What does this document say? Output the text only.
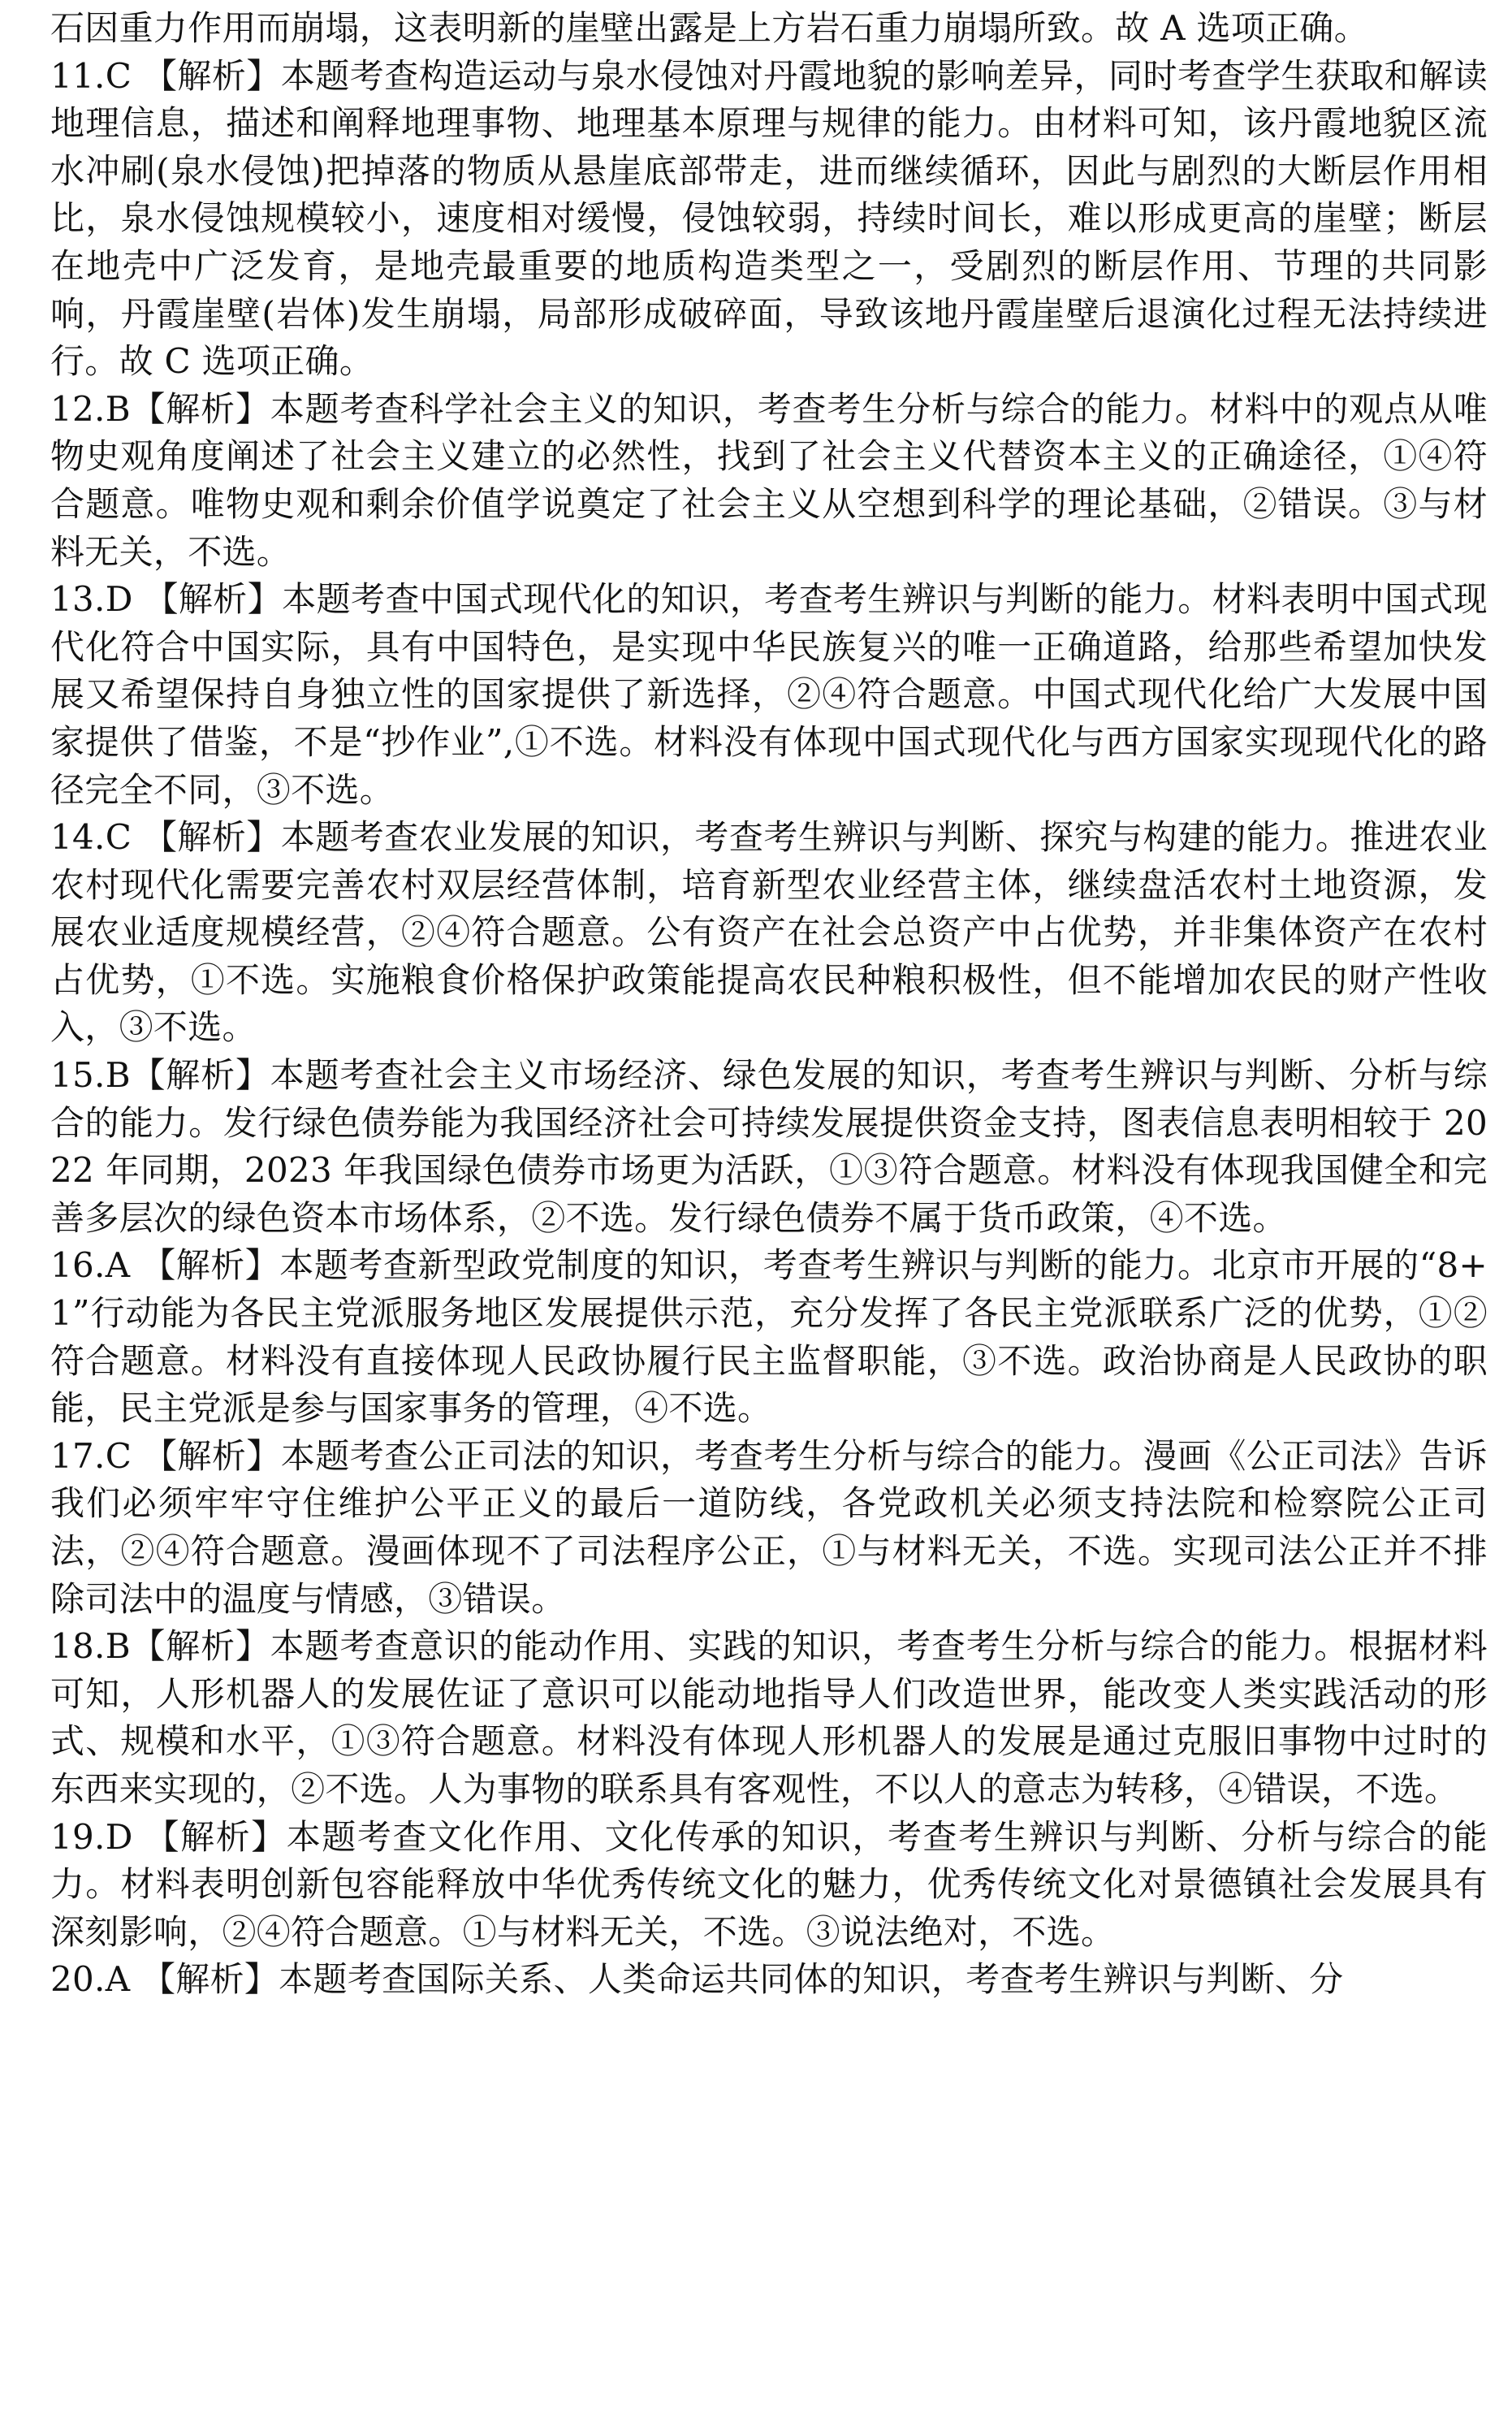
石因重力作用而崩塌，这表明新的崖壁出露是上方岩石重力崩塌所致。故 A 选项正确。

11.C 【解析】本题考查构造运动与泉水侵蚀对丹霞地貌的影响差异，同时考查学生获取和解读地理信息，描述和阐释地理事物、地理基本原理与规律的能力。由材料可知，该丹霞地貌区流水冲刷(泉水侵蚀)把掉落的物质从悬崖底部带走，进而继续循环，因此与剧烈的大断层作用相比，泉水侵蚀规模较小，速度相对缓慢，侵蚀较弱，持续时间长，难以形成更高的崖壁；断层在地壳中广泛发育，是地壳最重要的地质构造类型之一，受剧烈的断层作用、节理的共同影响，丹霞崖壁(岩体)发生崩塌，局部形成破碎面，导致该地丹霞崖壁后退演化过程无法持续进行。故 C 选项正确。

12.B【解析】本题考查科学社会主义的知识，考查考生分析与综合的能力。材料中的观点从唯物史观角度阐述了社会主义建立的必然性，找到了社会主义代替资本主义的正确途径，①④符合题意。唯物史观和剩余价值学说奠定了社会主义从空想到科学的理论基础，②错误。③与材料无关，不选。

13.D 【解析】本题考查中国式现代化的知识，考查考生辨识与判断的能力。材料表明中国式现代化符合中国实际，具有中国特色，是实现中华民族复兴的唯一正确道路，给那些希望加快发展又希望保持自身独立性的国家提供了新选择，②④符合题意。中国式现代化给广大发展中国家提供了借鉴，不是“抄作业”,①不选。材料没有体现中国式现代化与西方国家实现现代化的路径完全不同，③不选。

14.C 【解析】本题考查农业发展的知识，考查考生辨识与判断、探究与构建的能力。推进农业农村现代化需要完善农村双层经营体制，培育新型农业经营主体，继续盘活农村土地资源，发展农业适度规模经营，②④符合题意。公有资产在社会总资产中占优势，并非集体资产在农村占优势，①不选。实施粮食价格保护政策能提高农民种粮积极性，但不能增加农民的财产性收入，③不选。

15.B【解析】本题考查社会主义市场经济、绿色发展的知识，考查考生辨识与判断、分析与综合的能力。发行绿色债券能为我国经济社会可持续发展提供资金支持，图表信息表明相较于 2022 年同期，2023 年我国绿色债券市场更为活跃，①③符合题意。材料没有体现我国健全和完善多层次的绿色资本市场体系，②不选。发行绿色债券不属于货币政策，④不选。

16.A 【解析】本题考查新型政党制度的知识，考查考生辨识与判断的能力。北京市开展的“8+1”行动能为各民主党派服务地区发展提供示范，充分发挥了各民主党派联系广泛的优势，①②符合题意。材料没有直接体现人民政协履行民主监督职能，③不选。政治协商是人民政协的职能，民主党派是参与国家事务的管理，④不选。

17.C 【解析】本题考查公正司法的知识，考查考生分析与综合的能力。漫画《公正司法》告诉我们必须牢牢守住维护公平正义的最后一道防线，各党政机关必须支持法院和检察院公正司法，②④符合题意。漫画体现不了司法程序公正，①与材料无关，不选。实现司法公正并不排除司法中的温度与情感，③错误。

18.B【解析】本题考查意识的能动作用、实践的知识，考查考生分析与综合的能力。根据材料可知，人形机器人的发展佐证了意识可以能动地指导人们改造世界，能改变人类实践活动的形式、规模和水平，①③符合题意。材料没有体现人形机器人的发展是通过克服旧事物中过时的东西来实现的，②不选。人为事物的联系具有客观性，不以人的意志为转移，④错误，不选。

19.D 【解析】本题考查文化作用、文化传承的知识，考查考生辨识与判断、分析与综合的能力。材料表明创新包容能释放中华优秀传统文化的魅力，优秀传统文化对景德镇社会发展具有深刻影响，②④符合题意。①与材料无关，不选。③说法绝对，不选。

20.A 【解析】本题考查国际关系、人类命运共同体的知识，考查考生辨识与判断、分
